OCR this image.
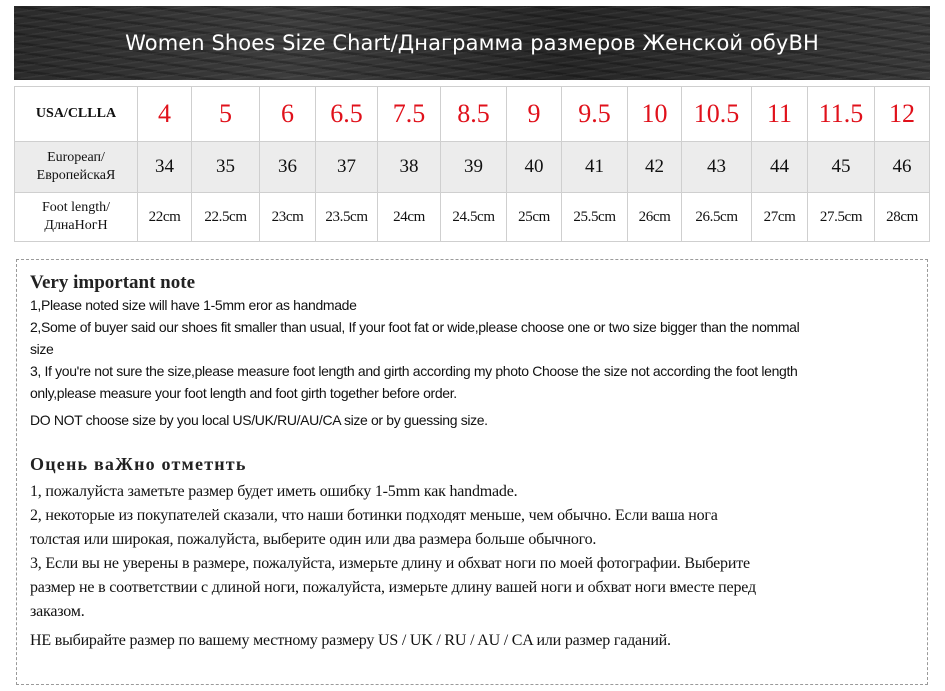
Women Shoes Size Chart/Днаграмма размеров Женской обуВН
USA/CLLLA	4	5	6	6.5	7.5	8.5	9	9.5	10	10.5	11	11.5	12

Europeап/
ЕвропейскаЯ	34	35	36	37	38	39	40	41	42	43	44	45	46

Foot length/
ДлнаНогН	22cm	22.5cm	23cm	23.5cm	24cm	24.5cm	25cm	25.5cm	26cm	26.5cm	27cm	27.5cm	28cm
Very important note
1,Please noted size will have 1-5mm eror as handmade
2,Some of buyer said our shoes fit smaller than usual, If your foot fat or wide,please choose one or two size bigger than the nommal
size
3, If you're not sure the size,please measure foot length and girth according my photo Choose the size not according the foot length
only,please measure your foot length and foot girth together before order.
DO NOT choose size by you local US/UK/RU/AU/CA size or by guessing size.
Оцень ваЖно отметнть
1, пожалуйста заметьте размер будет иметь ошибку 1-5mm как handmade.
2, некоторые из покупателей сказали, что наши ботинки подходят меньше, чем обычно. Если ваша нога
толстая или широкая, пожалуйста, выберите один или два размера больше обычного.
3, Если вы не уверены в размере, пожалуйста, измерьте длину и обхват ноги по моей фотографии. Выберите
размер не в соответствии с длиной ноги, пожалуйста, измерьте длину вашей ноги и обхват ноги вместе перед
заказом.
НЕ выбирайте размер по вашему местному размеру US / UK / RU / AU / CA или размер гаданий.
